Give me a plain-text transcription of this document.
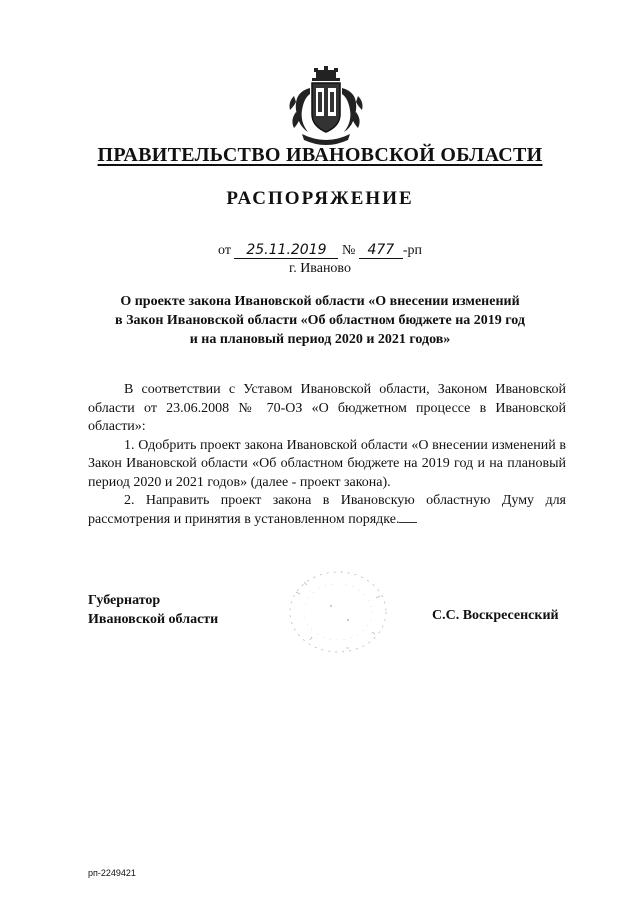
ПРАВИТЕЛЬСТВО ИВАНОВСКОЙ ОБЛАСТИ
РАСПОРЯЖЕНИЕ
от 25.11.2019 № 477 -рп
г. Иваново
О проекте закона Ивановской области «О внесении изменений
в Закон Ивановской области «Об областном бюджете на 2019 год
и на плановый период 2020 и 2021 годов»

В соответствии с Уставом Ивановской области, Законом Ивановской области от 23.06.2008 № 70-ОЗ «О бюджетном процессе в Ивановской области»:

1. Одобрить проект закона Ивановской области «О внесении изменений в Закон Ивановской области «Об областном бюджете на 2019 год и на плановый период 2020 и 2021 годов» (далее - проект закона).

2. Направить проект закона в Ивановскую областную Думу для рассмотрения и принятия в установленном порядке.

Губернатор
Ивановской области	С.С. Воскресенский
рп-2249421
